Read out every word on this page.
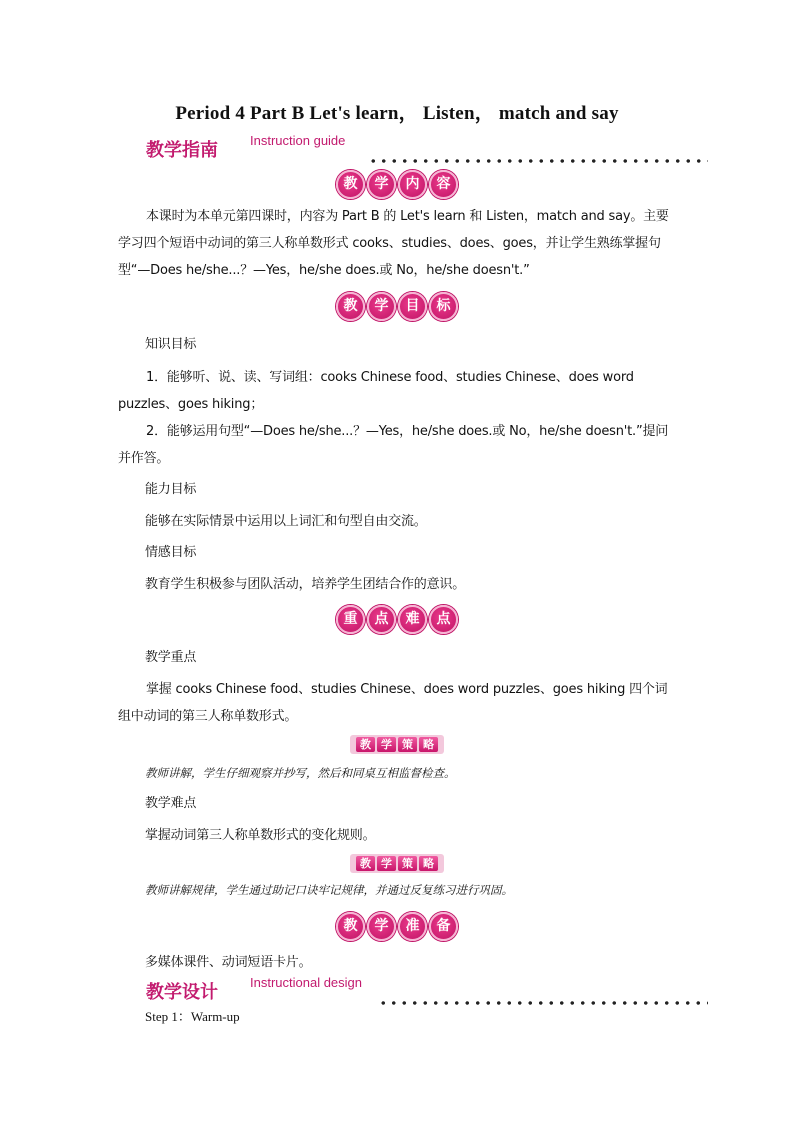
Period 4 Part B Let's learn， Listen， match and say
教学指南 Instruction guide
教 学 内 容
本课时为本单元第四课时，内容为 Part B 的 Let's learn 和 Listen，match and say。主要学习四个短语中动词的第三人称单数形式 cooks、studies、does、goes，并让学生熟练掌握句型“—Does he/she...？—Yes，he/she does.或 No，he/she doesn't.”
教 学 目 标
知识目标
1．能够听、说、读、写词组：cooks Chinese food、studies Chinese、does word puzzles、goes hiking；
2．能够运用句型“—Does he/she...？—Yes，he/she does.或 No，he/she doesn't.”提问并作答。
能力目标
能够在实际情景中运用以上词汇和句型自由交流。
情感目标
教育学生积极参与团队活动，培养学生团结合作的意识。
重 点 难 点
教学重点
掌握 cooks Chinese food、studies Chinese、does word puzzles、goes hiking 四个词组中动词的第三人称单数形式。
教 学 策 略
教师讲解，学生仔细观察并抄写，然后和同桌互相监督检查。
教学难点
掌握动词第三人称单数形式的变化规则。
教 学 策 略
教师讲解规律，学生通过助记口诀牢记规律，并通过反复练习进行巩固。
教 学 准 备
多媒体课件、动词短语卡片。
教学设计 Instructional design
Step 1：Warm-up
